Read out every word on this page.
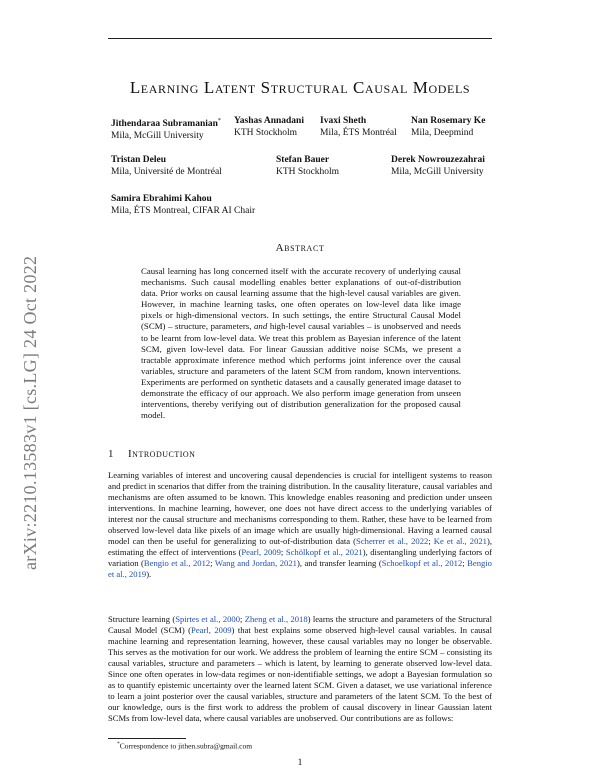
Learning Latent Structural Causal Models
arXiv:2210.13583v1 [cs.LG] 24 Oct 2022
Jithendaraa Subramanian*
Mila, McGill University
Yashas Annadani
KTH Stockholm
Ivaxi Sheth
Mila, ÉTS Montréal
Nan Rosemary Ke
Mila, Deepmind
Tristan Deleu
Mila, Université de Montréal
Stefan Bauer
KTH Stockholm
Derek Nowrouzezahrai
Mila, McGill University
Samira Ebrahimi Kahou
Mila, ÉTS Montreal, CIFAR AI Chair
Abstract

Causal learning has long concerned itself with the accurate recovery of underlying causal mechanisms. Such causal modelling enables better explanations of out-of-distribution data. Prior works on causal learning assume that the high-level causal variables are given. However, in machine learning tasks, one often operates on low-level data like image pixels or high-dimensional vectors. In such settings, the entire Structural Causal Model (SCM) – structure, parameters, and high-level causal variables – is unobserved and needs to be learnt from low-level data. We treat this problem as Bayesian inference of the latent SCM, given low-level data. For linear Gaussian additive noise SCMs, we present a tractable approximate inference method which performs joint inference over the causal variables, structure and parameters of the latent SCM from random, known interventions. Experiments are performed on synthetic datasets and a causally generated image dataset to demonstrate the efficacy of our approach. We also perform image generation from unseen interventions, thereby verifying out of distribution generalization for the proposed causal model.

1 Introduction

Learning variables of interest and uncovering causal dependencies is crucial for intelligent systems to reason and predict in scenarios that differ from the training distribution. In the causality literature, causal variables and mechanisms are often assumed to be known. This knowledge enables reasoning and prediction under unseen interventions. In machine learning, however, one does not have direct access to the underlying variables of interest nor the causal structure and mechanisms corresponding to them. Rather, these have to be learned from observed low-level data like pixels of an image which are usually high-dimensional. Having a learned causal model can then be useful for generalizing to out-of-distribution data (Scherrer et al., 2022; Ke et al., 2021), estimating the effect of interventions (Pearl, 2009; Schölkopf et al., 2021), disentangling underlying factors of variation (Bengio et al., 2012; Wang and Jordan, 2021), and transfer learning (Schoelkopf et al., 2012; Bengio et al., 2019).

Structure learning (Spirtes et al., 2000; Zheng et al., 2018) learns the structure and parameters of the Structural Causal Model (SCM) (Pearl, 2009) that best explains some observed high-level causal variables. In causal machine learning and representation learning, however, these causal variables may no longer be observable. This serves as the motivation for our work. We address the problem of learning the entire SCM – consisting its causal variables, structure and parameters – which is latent, by learning to generate observed low-level data. Since one often operates in low-data regimes or non-identifiable settings, we adopt a Bayesian formulation so as to quantify epistemic uncertainty over the learned latent SCM. Given a dataset, we use variational inference to learn a joint posterior over the causal variables, structure and parameters of the latent SCM. To the best of our knowledge, ours is the first work to address the problem of causal discovery in linear Gaussian latent SCMs from low-level data, where causal variables are unobserved. Our contributions are as follows:

*Correspondence to jithen.subra@gmail.com
1
